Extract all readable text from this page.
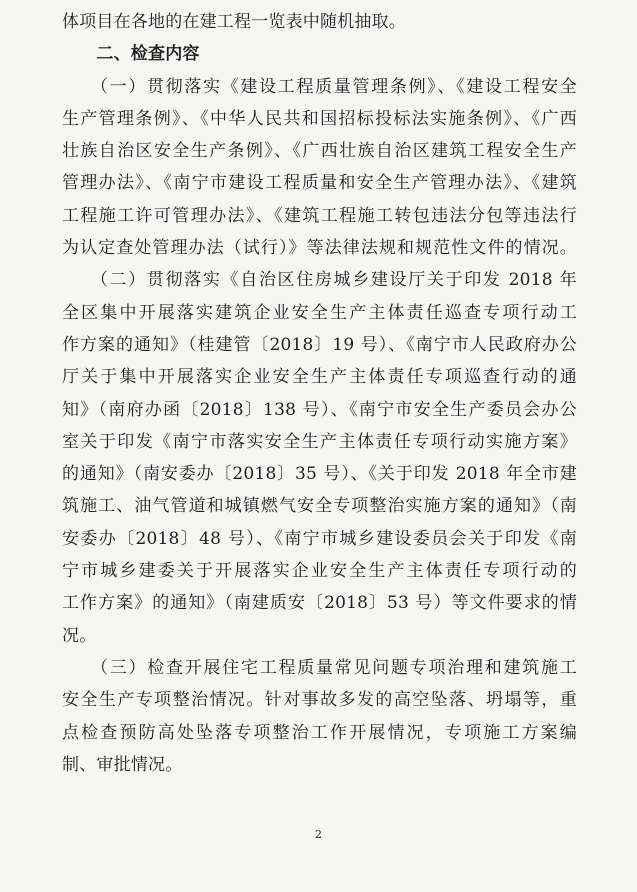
体项目在各地的在建工程一览表中随机抽取。
　　二、检查内容
　　（一）贯彻落实《建设工程质量管理条例》、《建设工程安全
生产管理条例》、《中华人民共和国招标投标法实施条例》、《广西
壮族自治区安全生产条例》、《广西壮族自治区建筑工程安全生产
管理办法》、《南宁市建设工程质量和安全生产管理办法》、《建筑
工程施工许可管理办法》、《建筑工程施工转包违法分包等违法行
为认定查处管理办法（试行）》等法律法规和规范性文件的情况。
　　（二）贯彻落实《自治区住房城乡建设厅关于印发 2018 年
全区集中开展落实建筑企业安全生产主体责任巡查专项行动工
作方案的通知》（桂建管〔2018〕19 号）、《南宁市人民政府办公
厅关于集中开展落实企业安全生产主体责任专项巡查行动的通
知》（南府办函〔2018〕138 号）、《南宁市安全生产委员会办公
室关于印发《南宁市落实安全生产主体责任专项行动实施方案》
的通知》（南安委办〔2018〕35 号）、《关于印发 2018 年全市建
筑施工、油气管道和城镇燃气安全专项整治实施方案的通知》（南
安委办〔2018〕48 号）、《南宁市城乡建设委员会关于印发《南
宁市城乡建委关于开展落实企业安全生产主体责任专项行动的
工作方案》的通知》（南建质安〔2018〕53 号）等文件要求的情
况。
　　（三）检查开展住宅工程质量常见问题专项治理和建筑施工
安全生产专项整治情况。针对事故多发的高空坠落、坍塌等，重
点检查预防高处坠落专项整治工作开展情况，专项施工方案编
制、审批情况。
2
